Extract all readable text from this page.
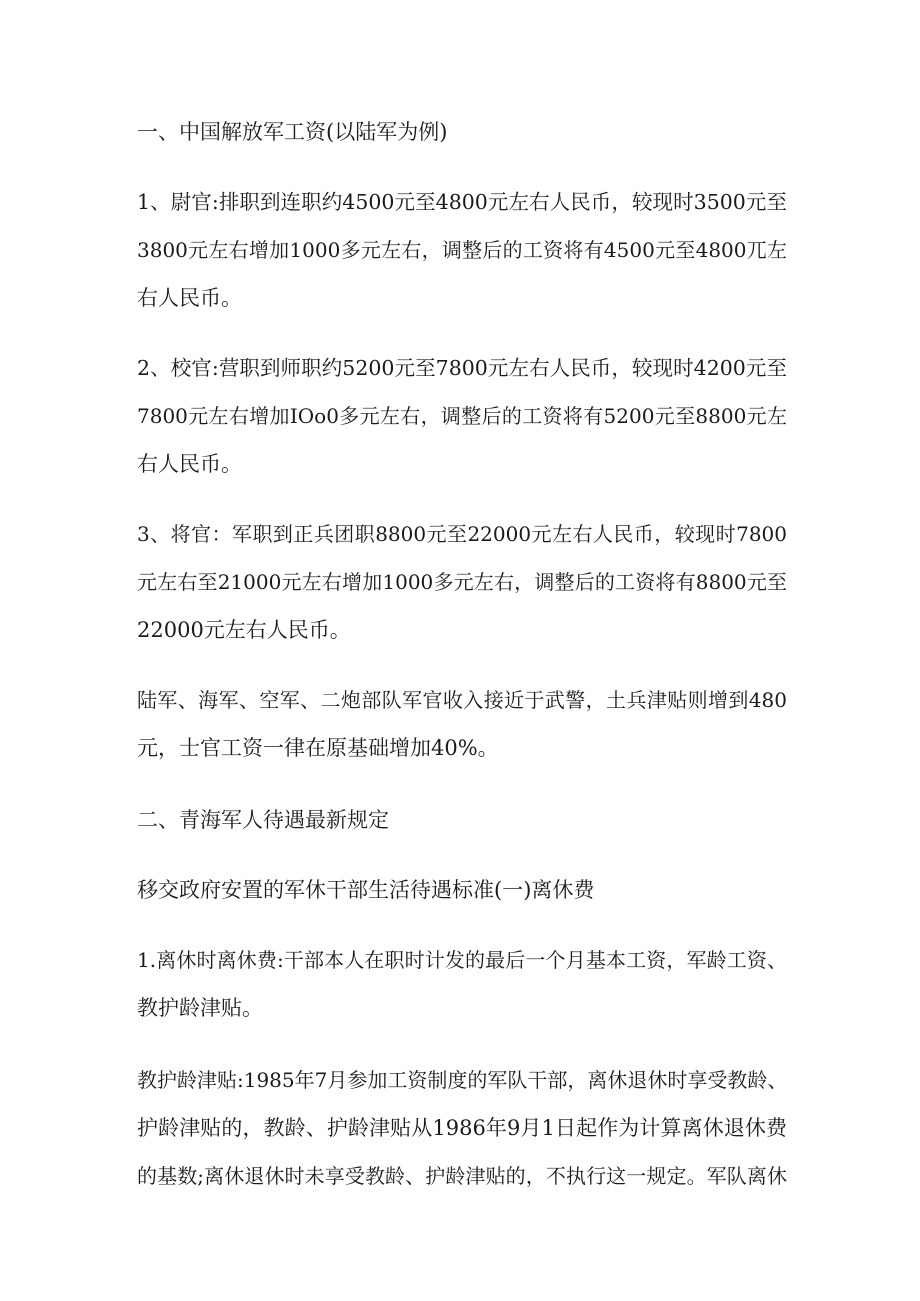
一、中国解放军工资(以陆军为例)
1、尉官:排职到连职约4500元至4800元左右人民币，较现时3500元至
3800元左右增加1000多元左右，调整后的工资将有4500元至4800兀左
右人民币。
2、校官:营职到师职约5200元至7800元左右人民币，较现时4200元至
7800元左右增加IOo0多元左右，调整后的工资将有5200元至8800元左
右人民币。
3、将官：军职到正兵团职8800元至22000元左右人民币，较现时7800
元左右至21000元左右增加1000多元左右，调整后的工资将有8800元至
22000元左右人民币。
陆军、海军、空军、二炮部队军官收入接近于武警，土兵津贴则增到480
元，士官工资一律在原基础增加40%。
二、青海军人待遇最新规定
移交政府安置的军休干部生活待遇标准(一)离休费
1.离休时离休费:干部本人在职时计发的最后一个月基本工资，军龄工资、
教护龄津贴。
教护龄津贴:1985年7月参加工资制度的军队干部，离休退休时享受教龄、
护龄津贴的，教龄、护龄津贴从1986年9月1日起作为计算离休退休费
的基数;离休退休时未享受教龄、护龄津贴的，不执行这一规定。军队离休
